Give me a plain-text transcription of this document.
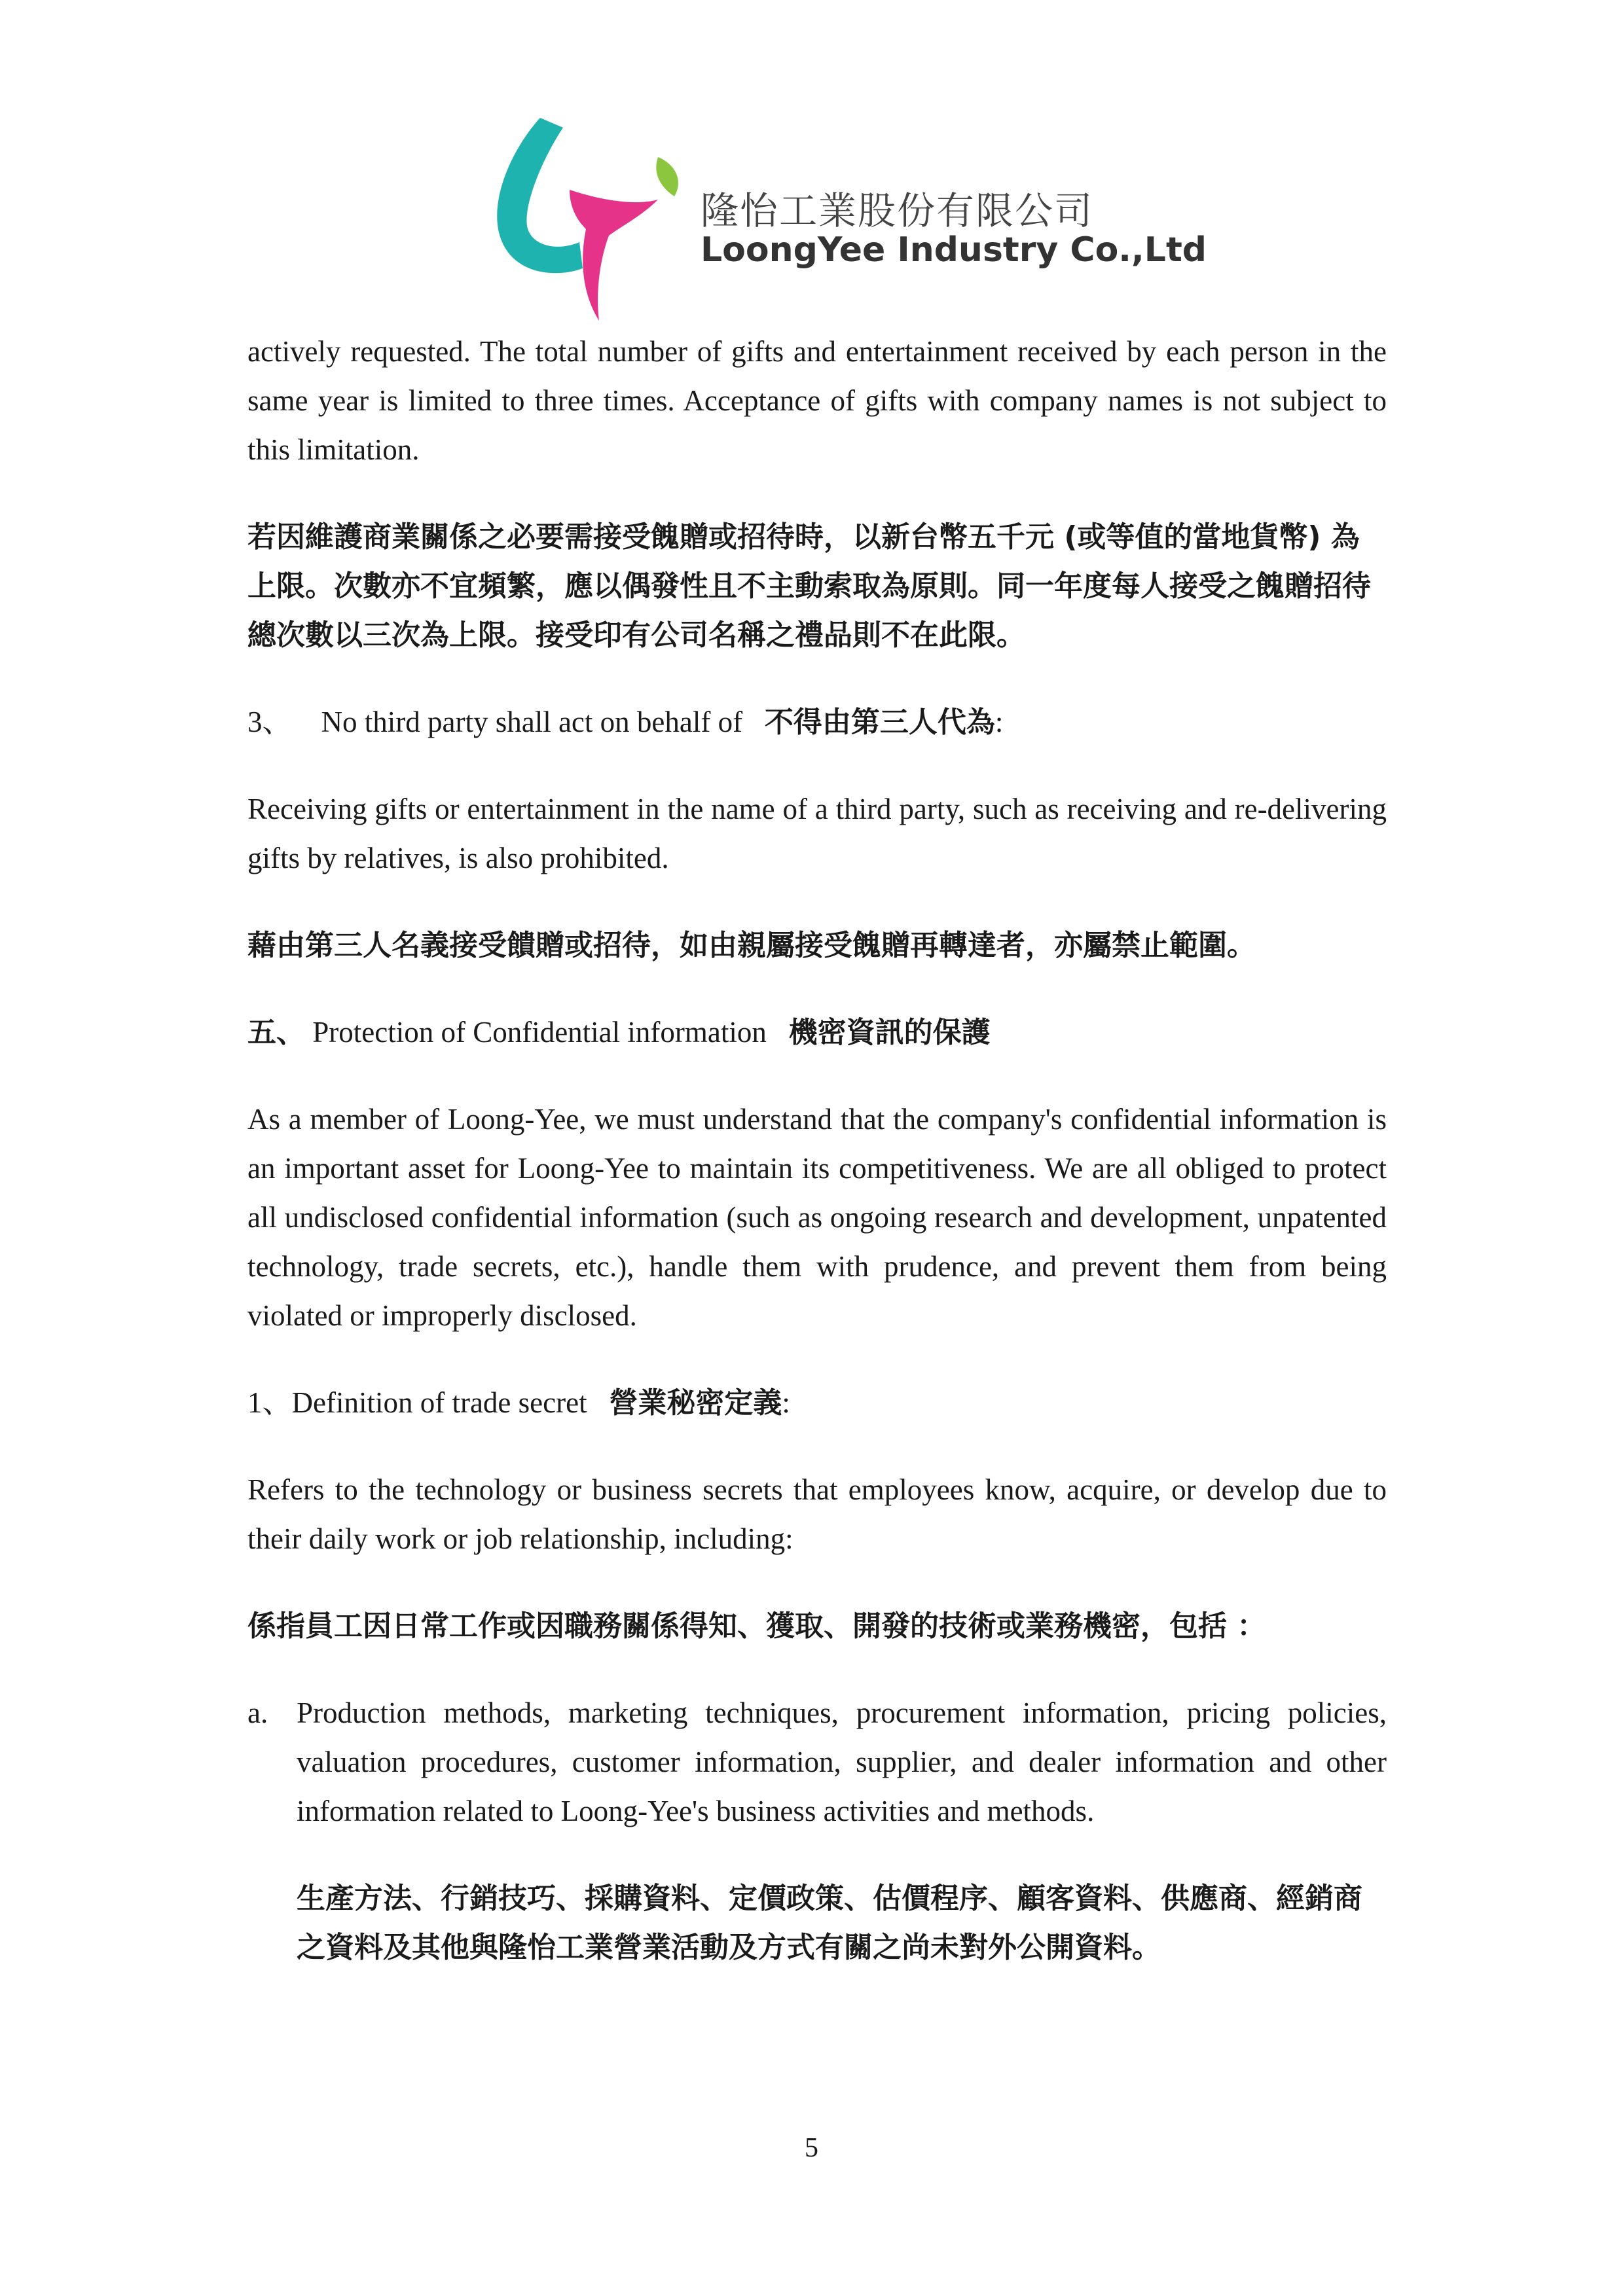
隆怡工業股份有限公司
LoongYee Industry Co.,Ltd

actively requested. The total number of gifts and entertainment received by each person in the same year is limited to three times. Acceptance of gifts with company names is not subject to this limitation.

若因維護商業關係之必要需接受餽贈或招待時，以新台幣五千元 (或等值的當地貨幣) 為上限。次數亦不宜頻繁，應以偶發性且不主動索取為原則。同一年度每人接受之餽贈招待總次數以三次為上限。接受印有公司名稱之禮品則不在此限。

3、 No third party shall act on behalf of 不得由第三人代為:

Receiving gifts or entertainment in the name of a third party, such as receiving and re-delivering gifts by relatives, is also prohibited.

藉由第三人名義接受饋贈或招待，如由親屬接受餽贈再轉達者，亦屬禁止範圍。

五、 Protection of Confidential information 機密資訊的保護

As a member of Loong-Yee, we must understand that the company's confidential information is an important asset for Loong-Yee to maintain its competitiveness. We are all obliged to protect all undisclosed confidential information (such as ongoing research and development, unpatented technology, trade secrets, etc.), handle them with prudence, and prevent them from being violated or improperly disclosed.

1、Definition of trade secret 營業秘密定義:

Refers to the technology or business secrets that employees know, acquire, or develop due to their daily work or job relationship, including:

係指員工因日常工作或因職務關係得知、獲取、開發的技術或業務機密，包括 ：

a. Production methods, marketing techniques, procurement information, pricing policies, valuation procedures, customer information, supplier, and dealer information and other information related to Loong-Yee's business activities and methods.

生產方法、行銷技巧、採購資料、定價政策、估價程序、顧客資料、供應商、經銷商之資料及其他與隆怡工業營業活動及方式有關之尚未對外公開資料。

5
